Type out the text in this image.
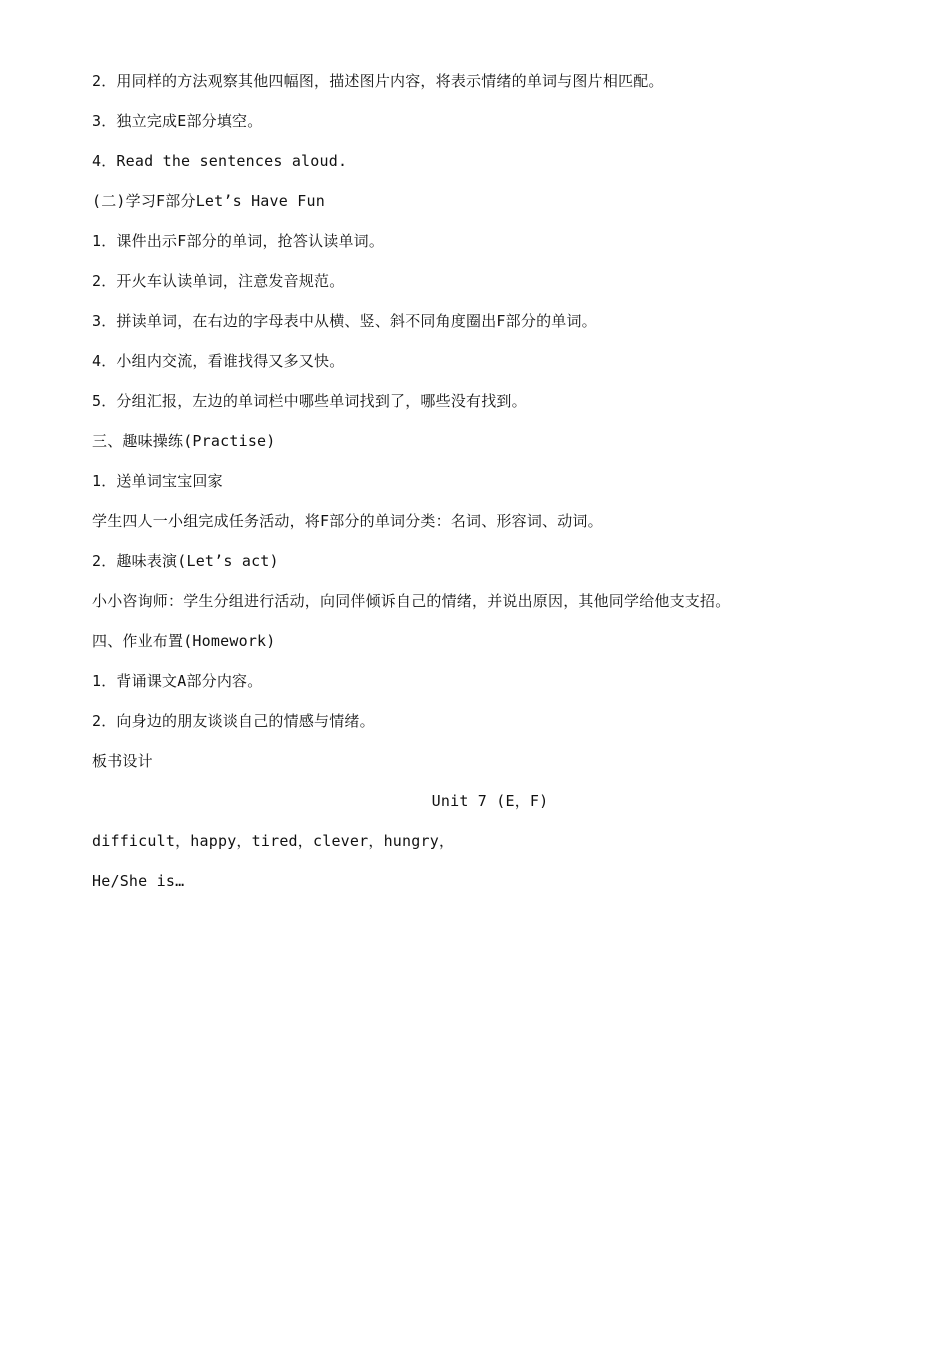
2．用同样的方法观察其他四幅图，描述图片内容，将表示情绪的单词与图片相匹配。
3．独立完成E部分填空。
4．Read the sentences aloud.
(二)学习F部分Let’s Have Fun
1．课件出示F部分的单词，抢答认读单词。
2．开火车认读单词，注意发音规范。
3．拼读单词，在右边的字母表中从横、竖、斜不同角度圈出F部分的单词。
4．小组内交流，看谁找得又多又快。
5．分组汇报，左边的单词栏中哪些单词找到了，哪些没有找到。
三、趣味操练(Practise)
1．送单词宝宝回家
学生四人一小组完成任务活动，将F部分的单词分类：名词、形容词、动词。
2．趣味表演(Let’s act)
小小咨询师：学生分组进行活动，向同伴倾诉自己的情绪，并说出原因，其他同学给他支支招。
四、作业布置(Homework)
1．背诵课文A部分内容。
2．向身边的朋友谈谈自己的情感与情绪。
板书设计
Unit 7 (E，F)
difficult，happy，tired，clever，hungry，
He/She is…
